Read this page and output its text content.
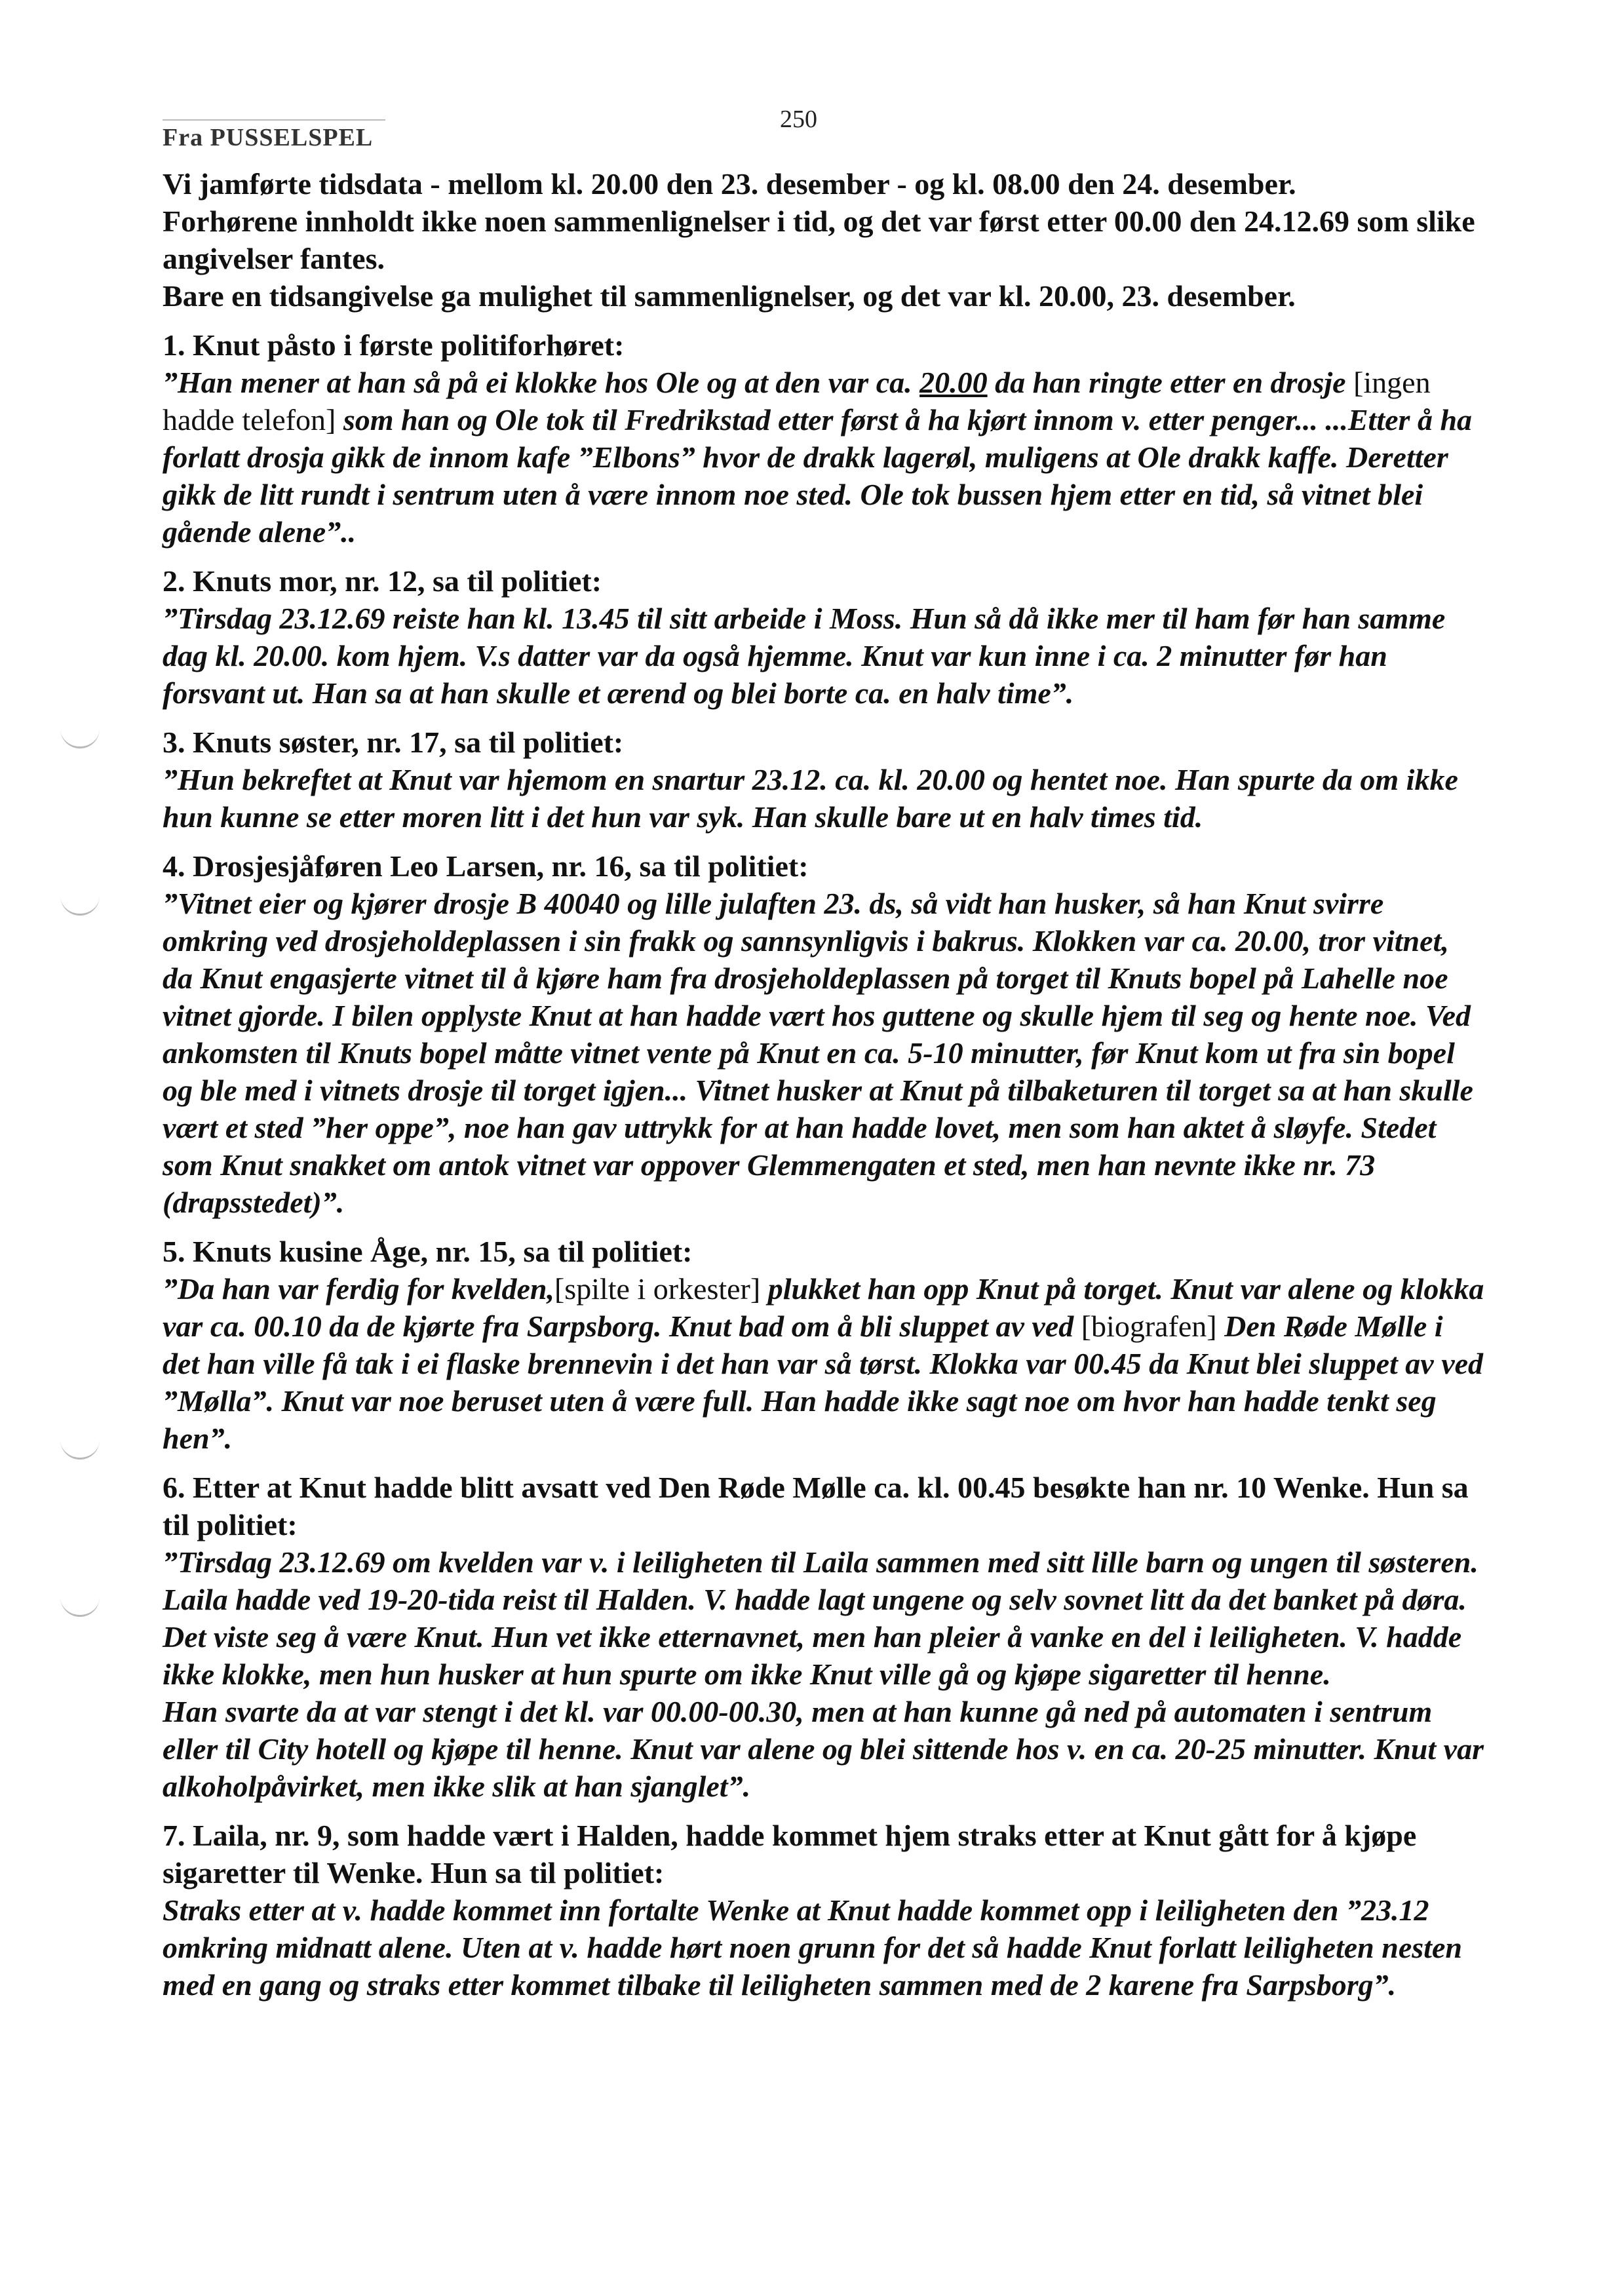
Fra PUSSELSPEL
250
Vi jamførte tidsdata - mellom kl. 20.00 den 23. desember - og kl. 08.00 den 24. desember.
Forhørene innholdt ikke noen sammenlignelser i tid, og det var først etter 00.00 den 24.12.69 som slike angivelser fantes.
Bare en tidsangivelse ga mulighet til sammenlignelser, og det var kl. 20.00, 23. desember.
1. Knut påsto i første politiforhøret:
”Han mener at han så på ei klokke hos Ole og at den var ca. 20.00 da han ringte etter en drosje [ingen hadde telefon] som han og Ole tok til Fredrikstad etter først å ha kjørt innom v. etter penger... ...Etter å ha forlatt drosja gikk de innom kafe ”Elbons” hvor de drakk lagerøl, muligens at Ole drakk kaffe. Deretter gikk de litt rundt i sentrum uten å være innom noe sted. Ole tok bussen hjem etter en tid, så vitnet blei gående alene”..
2. Knuts mor, nr. 12, sa til politiet:
”Tirsdag 23.12.69 reiste han kl. 13.45 til sitt arbeide i Moss. Hun så då ikke mer til ham før han samme dag kl. 20.00. kom hjem. V.s datter var da også hjemme. Knut var kun inne i ca. 2 minutter før han forsvant ut. Han sa at han skulle et ærend og blei borte ca. en halv time”.
3. Knuts søster, nr. 17, sa til politiet:
”Hun bekreftet at Knut var hjemom en snartur 23.12. ca. kl. 20.00 og hentet noe. Han spurte da om ikke hun kunne se etter moren litt i det hun var syk. Han skulle bare ut en halv times tid.
4. Drosjesjåføren Leo Larsen, nr. 16, sa til politiet:
”Vitnet eier og kjører drosje B 40040 og lille julaften 23. ds, så vidt han husker, så han Knut svirre omkring ved drosjeholdeplassen i sin frakk og sannsynligvis i bakrus. Klokken var ca. 20.00, tror vitnet, da Knut engasjerte vitnet til å kjøre ham fra drosjeholdeplassen på torget til Knuts bopel på Lahelle noe vitnet gjorde. I bilen opplyste Knut at han hadde vært hos guttene og skulle hjem til seg og hente noe. Ved ankomsten til Knuts bopel måtte vitnet vente på Knut en ca. 5-10 minutter, før Knut kom ut fra sin bopel og ble med i vitnets drosje til torget igjen... Vitnet husker at Knut på tilbaketuren til torget sa at han skulle vært et sted ”her oppe”, noe han gav uttrykk for at han hadde lovet, men som han aktet å sløyfe. Stedet som Knut snakket om antok vitnet var oppover Glemmengaten et sted, men han nevnte ikke nr. 73 (drapsstedet)”.
5. Knuts kusine Åge, nr. 15, sa til politiet:
”Da han var ferdig for kvelden,[spilte i orkester] plukket han opp Knut på torget. Knut var alene og klokka var ca. 00.10 da de kjørte fra Sarpsborg. Knut bad om å bli sluppet av ved [biografen] Den Røde Mølle i det han ville få tak i ei flaske brennevin i det han var så tørst. Klokka var 00.45 da Knut blei sluppet av ved ”Mølla”. Knut var noe beruset uten å være full. Han hadde ikke sagt noe om hvor han hadde tenkt seg hen”.
6. Etter at Knut hadde blitt avsatt ved Den Røde Mølle ca. kl. 00.45 besøkte han nr. 10 Wenke. Hun sa til politiet:
”Tirsdag 23.12.69 om kvelden var v. i leiligheten til Laila sammen med sitt lille barn og ungen til søsteren. Laila hadde ved 19-20-tida reist til Halden. V. hadde lagt ungene og selv sovnet litt da det banket på døra. Det viste seg å være Knut. Hun vet ikke etternavnet, men han pleier å vanke en del i leiligheten. V. hadde ikke klokke, men hun husker at hun spurte om ikke Knut ville gå og kjøpe sigaretter til henne.
Han svarte da at var stengt i det kl. var 00.00-00.30, men at han kunne gå ned på automaten i sentrum eller til City hotell og kjøpe til henne. Knut var alene og blei sittende hos v. en ca. 20-25 minutter. Knut var alkoholpåvirket, men ikke slik at han sjanglet”.
7. Laila, nr. 9, som hadde vært i Halden, hadde kommet hjem straks etter at Knut gått for å kjøpe sigaretter til Wenke. Hun sa til politiet:
Straks etter at v. hadde kommet inn fortalte Wenke at Knut hadde kommet opp i leiligheten den ”23.12 omkring midnatt alene. Uten at v. hadde hørt noen grunn for det så hadde Knut forlatt leiligheten nesten med en gang og straks etter kommet tilbake til leiligheten sammen med de 2 karene fra Sarpsborg”.
